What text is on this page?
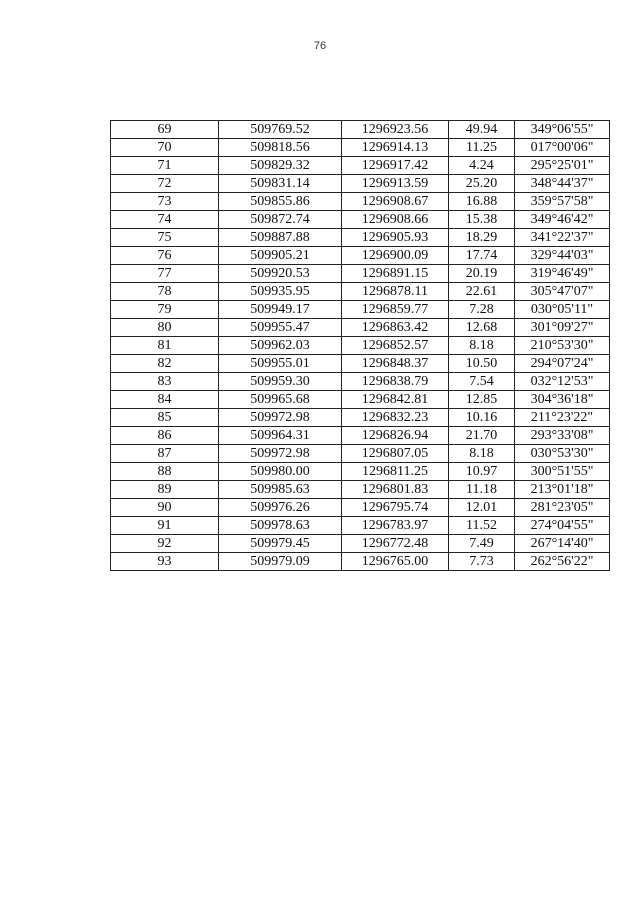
76
69	509769.52	1296923.56	49.94	349°06'55"
70	509818.56	1296914.13	11.25	017°00'06"
71	509829.32	1296917.42	4.24	295°25'01"
72	509831.14	1296913.59	25.20	348°44'37"
73	509855.86	1296908.67	16.88	359°57'58"
74	509872.74	1296908.66	15.38	349°46'42"
75	509887.88	1296905.93	18.29	341°22'37"
76	509905.21	1296900.09	17.74	329°44'03"
77	509920.53	1296891.15	20.19	319°46'49"
78	509935.95	1296878.11	22.61	305°47'07"
79	509949.17	1296859.77	7.28	030°05'11"
80	509955.47	1296863.42	12.68	301°09'27"
81	509962.03	1296852.57	8.18	210°53'30"
82	509955.01	1296848.37	10.50	294°07'24"
83	509959.30	1296838.79	7.54	032°12'53"
84	509965.68	1296842.81	12.85	304°36'18"
85	509972.98	1296832.23	10.16	211°23'22"
86	509964.31	1296826.94	21.70	293°33'08"
87	509972.98	1296807.05	8.18	030°53'30"
88	509980.00	1296811.25	10.97	300°51'55"
89	509985.63	1296801.83	11.18	213°01'18"
90	509976.26	1296795.74	12.01	281°23'05"
91	509978.63	1296783.97	11.52	274°04'55"
92	509979.45	1296772.48	7.49	267°14'40"
93	509979.09	1296765.00	7.73	262°56'22"
